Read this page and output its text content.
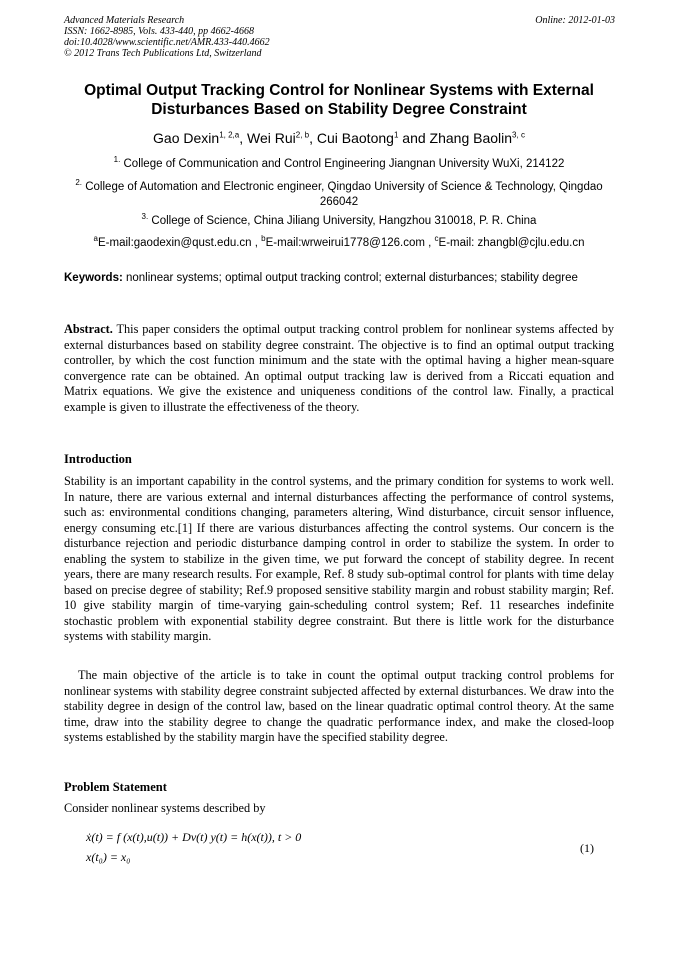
Advanced Materials Research
ISSN: 1662-8985, Vols. 433-440, pp 4662-4668
doi:10.4028/www.scientific.net/AMR.433-440.4662
© 2012 Trans Tech Publications Ltd, Switzerland
Online: 2012-01-03
Optimal Output Tracking Control for Nonlinear Systems with External Disturbances Based on Stability Degree Constraint
Gao Dexin$^{1, 2,a}$, Wei Rui$^{2, b}$, Cui Baotong$^1$ and Zhang Baolin$^{3, c}$
$^{1.}$ College of Communication and Control Engineering Jiangnan University WuXi, 214122
$^{2.}$ College of Automation and Electronic engineer, Qingdao University of Science & Technology, Qingdao 266042
$^{3.}$ College of Science, China Jiliang University, Hangzhou 310018, P. R. China
$^a$E-mail:gaodexin@qust.edu.cn , $^b$E-mail:wrweirui1778@126.com , $^c$E-mail: zhangbl@cjlu.edu.cn
Keywords: nonlinear systems; optimal output tracking control; external disturbances; stability degree
Abstract. This paper considers the optimal output tracking control problem for nonlinear systems affected by external disturbances based on stability degree constraint. The objective is to find an optimal output tracking controller, by which the cost function minimum and the state with the optimal having a higher mean-square convergence rate can be obtained. An optimal output tracking law is derived from a Riccati equation and Matrix equations. We give the existence and uniqueness conditions of the control law. Finally, a practical example is given to illustrate the effectiveness of the theory.
Introduction
Stability is an important capability in the control systems, and the primary condition for systems to work well. In nature, there are various external and internal disturbances affecting the performance of control systems, such as: environmental conditions changing, parameters altering, Wind disturbance, circuit sensor influence, energy consuming etc.[1] If there are various disturbances affecting the control systems. Our concern is the disturbance rejection and periodic disturbance damping control in order to stabilize the system. In order to enabling the system to stabilize in the given time, we put forward the concept of stability degree. In recent years, there are many research results. For example, Ref. 8 study sub-optimal control for plants with time delay based on precise degree of stability; Ref.9 proposed sensitive stability margin and robust stability margin; Ref. 10 give stability margin of time-varying gain-scheduling control system; Ref. 11 researches indefinite stochastic problem with exponential stability degree constraint. But there is little work for the disturbance systems with stability margin.
The main objective of the article is to take in count the optimal output tracking control problems for nonlinear systems with stability degree constraint subjected affected by external disturbances. We draw into the stability degree in design of the control law, based on the linear quadratic optimal control theory. At the same time, draw into the stability degree to change the quadratic performance index, and make the closed-loop systems established by the stability margin have the specified stability degree.
Problem Statement
Consider nonlinear systems described by
ẋ(t) = f (x(t),u(t)) + Dv(t) y(t) = h(x(t)), t > 0
x(t₀) = x₀
(1)
